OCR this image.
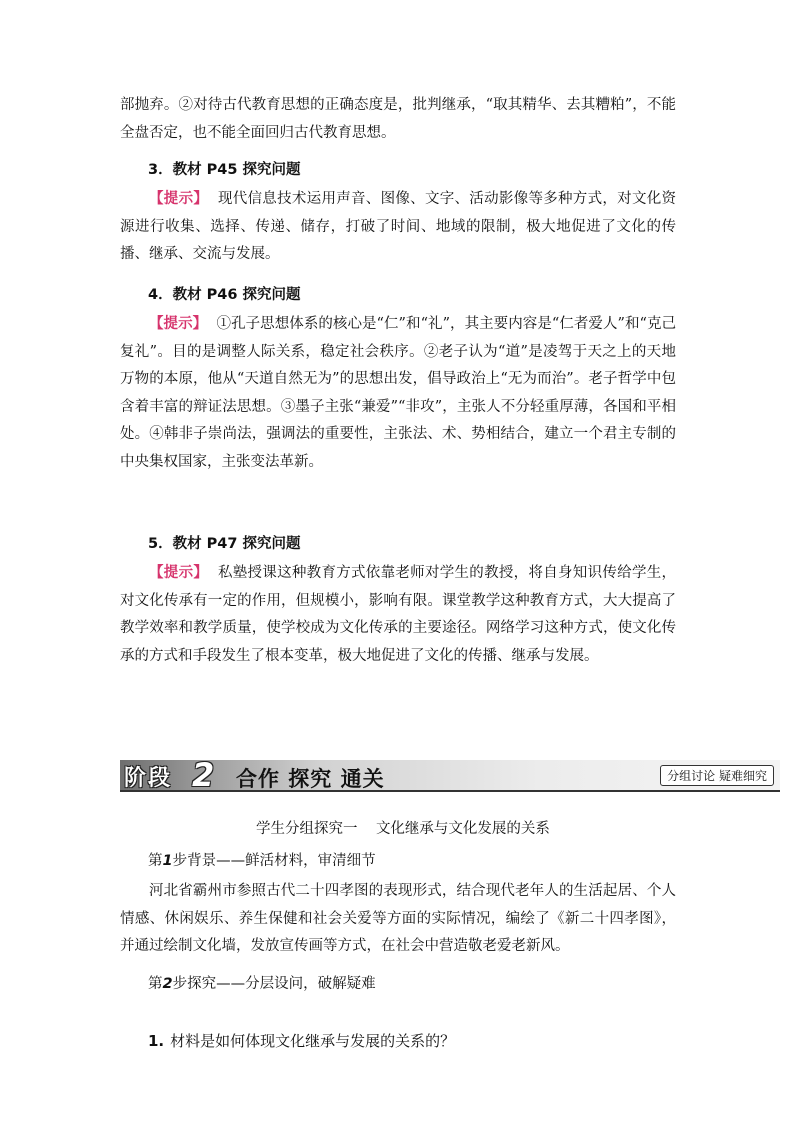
部抛弃。②对待古代教育思想的正确态度是，批判继承，“取其精华、去其糟粕”，不能全盘否定，也不能全面回归古代教育思想。

3．教材 P45 探究问题

【提示】 现代信息技术运用声音、图像、文字、活动影像等多种方式，对文化资源进行收集、选择、传递、储存，打破了时间、地域的限制，极大地促进了文化的传播、继承、交流与发展。

4．教材 P46 探究问题

【提示】 ①孔子思想体系的核心是“仁”和“礼”，其主要内容是“仁者爱人”和“克己复礼”。目的是调整人际关系，稳定社会秩序。②老子认为“道”是凌驾于天之上的天地万物的本原，他从“天道自然无为”的思想出发，倡导政治上“无为而治”。老子哲学中包含着丰富的辩证法思想。③墨子主张“兼爱”“非攻”，主张人不分轻重厚薄，各国和平相处。④韩非子崇尚法，强调法的重要性，主张法、术、势相结合，建立一个君主专制的中央集权国家，主张变法革新。

5．教材 P47 探究问题

【提示】 私塾授课这种教育方式依靠老师对学生的教授，将自身知识传给学生，对文化传承有一定的作用，但规模小，影响有限。课堂教学这种教育方式，大大提高了教学效率和教学质量，使学校成为文化传承的主要途径。网络学习这种方式，使文化传承的方式和手段发生了根本变革，极大地促进了文化的传播、继承与发展。

阶段 2 合作 探究 通关	分组讨论 疑难细究
学生分组探究一 文化继承与文化发展的关系
第1步背景——鲜活材料，审清细节

河北省霸州市参照古代二十四孝图的表现形式，结合现代老年人的生活起居、个人情感、休闲娱乐、养生保健和社会关爱等方面的实际情况，编绘了《新二十四孝图》，并通过绘制文化墙，发放宣传画等方式，在社会中营造敬老爱老新风。

第2步探究——分层设问，破解疑难
1. 材料是如何体现文化继承与发展的关系的？
